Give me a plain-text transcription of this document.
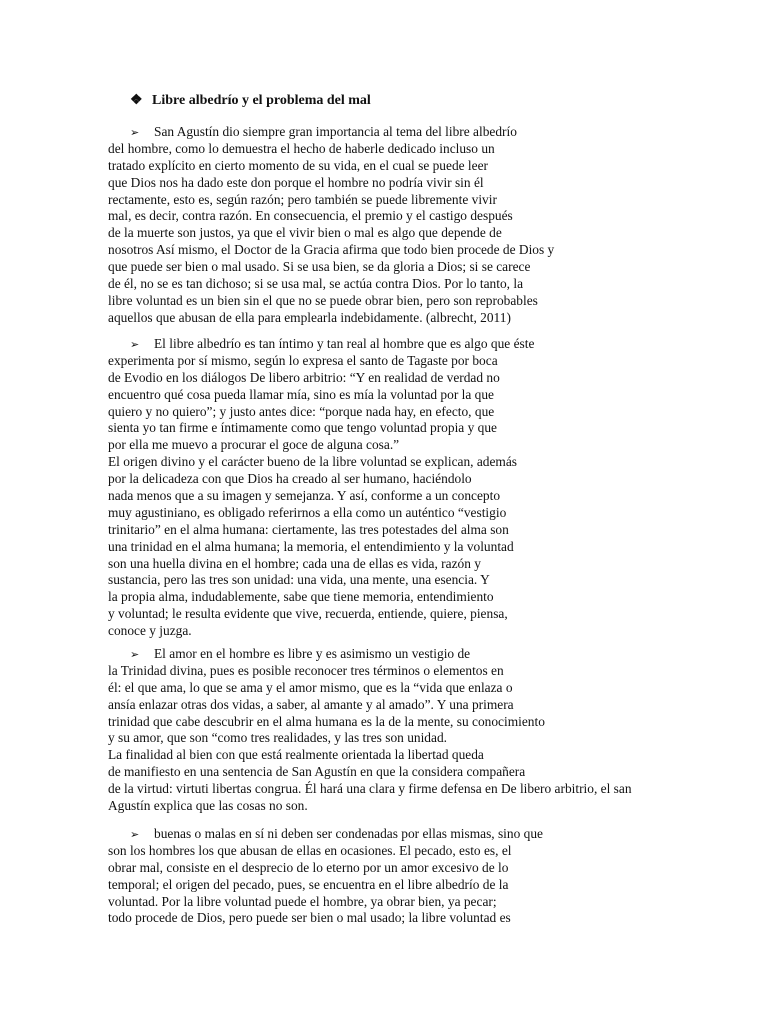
❖ Libre albedrío y el problema del mal
➢ San Agustín dio siempre gran importancia al tema del libre albedrío
del hombre, como lo demuestra el hecho de haberle dedicado incluso un
tratado explícito en cierto momento de su vida, en el cual se puede leer
que Dios nos ha dado este don porque el hombre no podría vivir sin él
rectamente, esto es, según razón; pero también se puede libremente vivir
mal, es decir, contra razón. En consecuencia, el premio y el castigo después
de la muerte son justos, ya que el vivir bien o mal es algo que depende de
nosotros Así mismo, el Doctor de la Gracia afirma que todo bien procede de Dios y
que puede ser bien o mal usado. Si se usa bien, se da gloria a Dios; si se carece
de él, no se es tan dichoso; si se usa mal, se actúa contra Dios. Por lo tanto, la
libre voluntad es un bien sin el que no se puede obrar bien, pero son reprobables
aquellos que abusan de ella para emplearla indebidamente. (albrecht, 2011)
➢ El libre albedrío es tan íntimo y tan real al hombre que es algo que éste
experimenta por sí mismo, según lo expresa el santo de Tagaste por boca
de Evodio en los diálogos De libero arbitrio: “Y en realidad de verdad no
encuentro qué cosa pueda llamar mía, sino es mía la voluntad por la que
quiero y no quiero”; y justo antes dice: “porque nada hay, en efecto, que
sienta yo tan firme e íntimamente como que tengo voluntad propia y que
por ella me muevo a procurar el goce de alguna cosa.”
El origen divino y el carácter bueno de la libre voluntad se explican, además
por la delicadeza con que Dios ha creado al ser humano, haciéndolo
nada menos que a su imagen y semejanza. Y así, conforme a un concepto
muy agustiniano, es obligado referirnos a ella como un auténtico “vestigio
trinitario” en el alma humana: ciertamente, las tres potestades del alma son
una trinidad en el alma humana; la memoria, el entendimiento y la voluntad
son una huella divina en el hombre; cada una de ellas es vida, razón y
sustancia, pero las tres son unidad: una vida, una mente, una esencia. Y
la propia alma, indudablemente, sabe que tiene memoria, entendimiento
y voluntad; le resulta evidente que vive, recuerda, entiende, quiere, piensa,
conoce y juzga.
➢ El amor en el hombre es libre y es asimismo un vestigio de
la Trinidad divina, pues es posible reconocer tres términos o elementos en
él: el que ama, lo que se ama y el amor mismo, que es la “vida que enlaza o
ansía enlazar otras dos vidas, a saber, al amante y al amado”. Y una primera
trinidad que cabe descubrir en el alma humana es la de la mente, su conocimiento
y su amor, que son “como tres realidades, y las tres son unidad.
La finalidad al bien con que está realmente orientada la libertad queda
de manifiesto en una sentencia de San Agustín en que la considera compañera
de la virtud: virtuti libertas congrua. Él hará una clara y firme defensa en De libero arbitrio, el san
Agustín explica que las cosas no son.
➢ buenas o malas en sí ni deben ser condenadas por ellas mismas, sino que
son los hombres los que abusan de ellas en ocasiones. El pecado, esto es, el
obrar mal, consiste en el desprecio de lo eterno por un amor excesivo de lo
temporal; el origen del pecado, pues, se encuentra en el libre albedrío de la
voluntad. Por la libre voluntad puede el hombre, ya obrar bien, ya pecar;
todo procede de Dios, pero puede ser bien o mal usado; la libre voluntad es
